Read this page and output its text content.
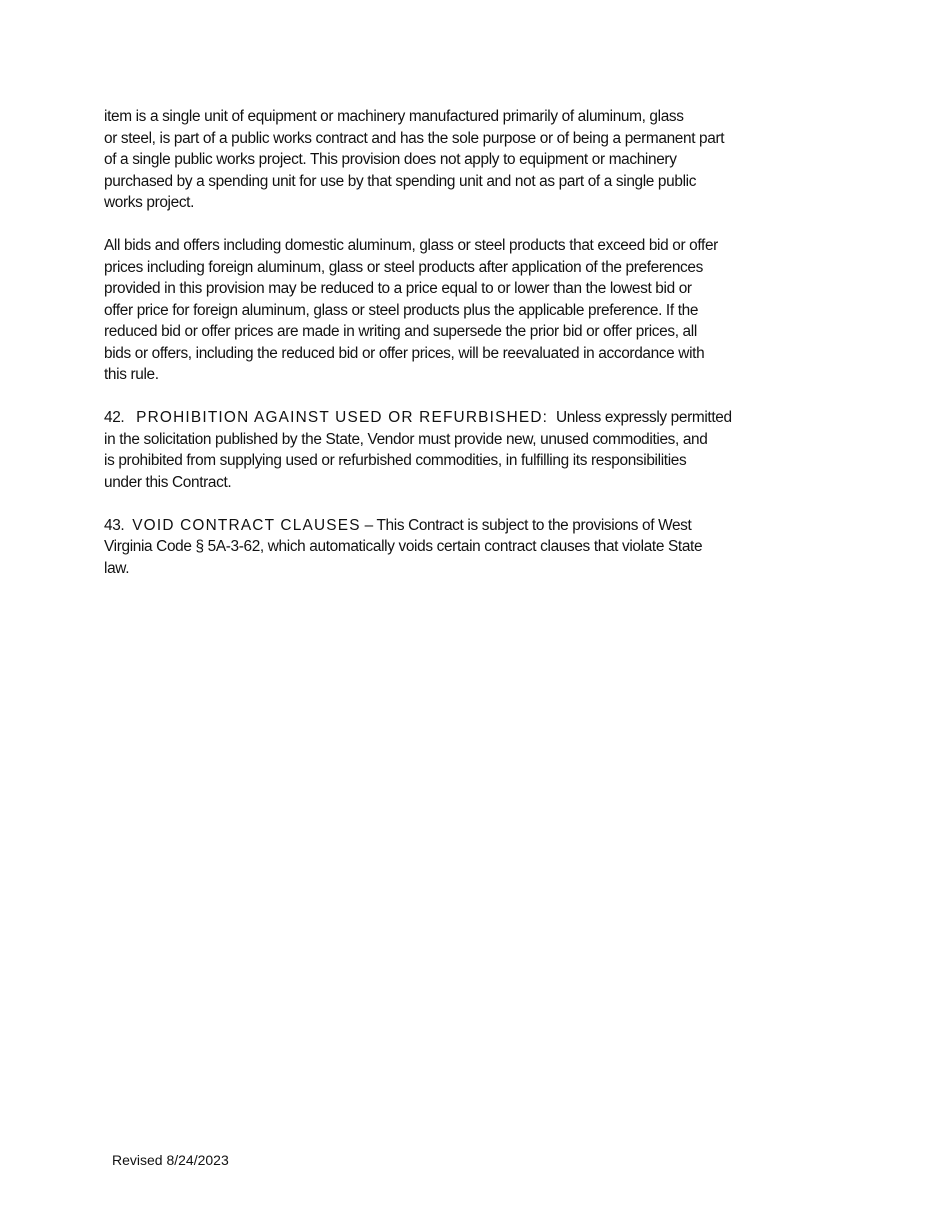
item is a single unit of equipment or machinery manufactured primarily of aluminum, glass
or steel, is part of a public works contract and has the sole purpose or of being a permanent part
of a single public works project. This provision does not apply to equipment or machinery
purchased by a spending unit for use by that spending unit and not as part of a single public
works project.
All bids and offers including domestic aluminum, glass or steel products that exceed bid or offer
prices including foreign aluminum, glass or steel products after application of the preferences
provided in this provision may be reduced to a price equal to or lower than the lowest bid or
offer price for foreign aluminum, glass or steel products plus the applicable preference. If the
reduced bid or offer prices are made in writing and supersede the prior bid or offer prices, all
bids or offers, including the reduced bid or offer prices, will be reevaluated in accordance with
this rule.
42. PROHIBITION AGAINST USED OR REFURBISHED: Unless expressly permitted
in the solicitation published by the State, Vendor must provide new, unused commodities, and
is prohibited from supplying used or refurbished commodities, in fulfilling its responsibilities
under this Contract.
43. VOID CONTRACT CLAUSES – This Contract is subject to the provisions of West
Virginia Code § 5A-3-62, which automatically voids certain contract clauses that violate State
law.
Revised 8/24/2023
